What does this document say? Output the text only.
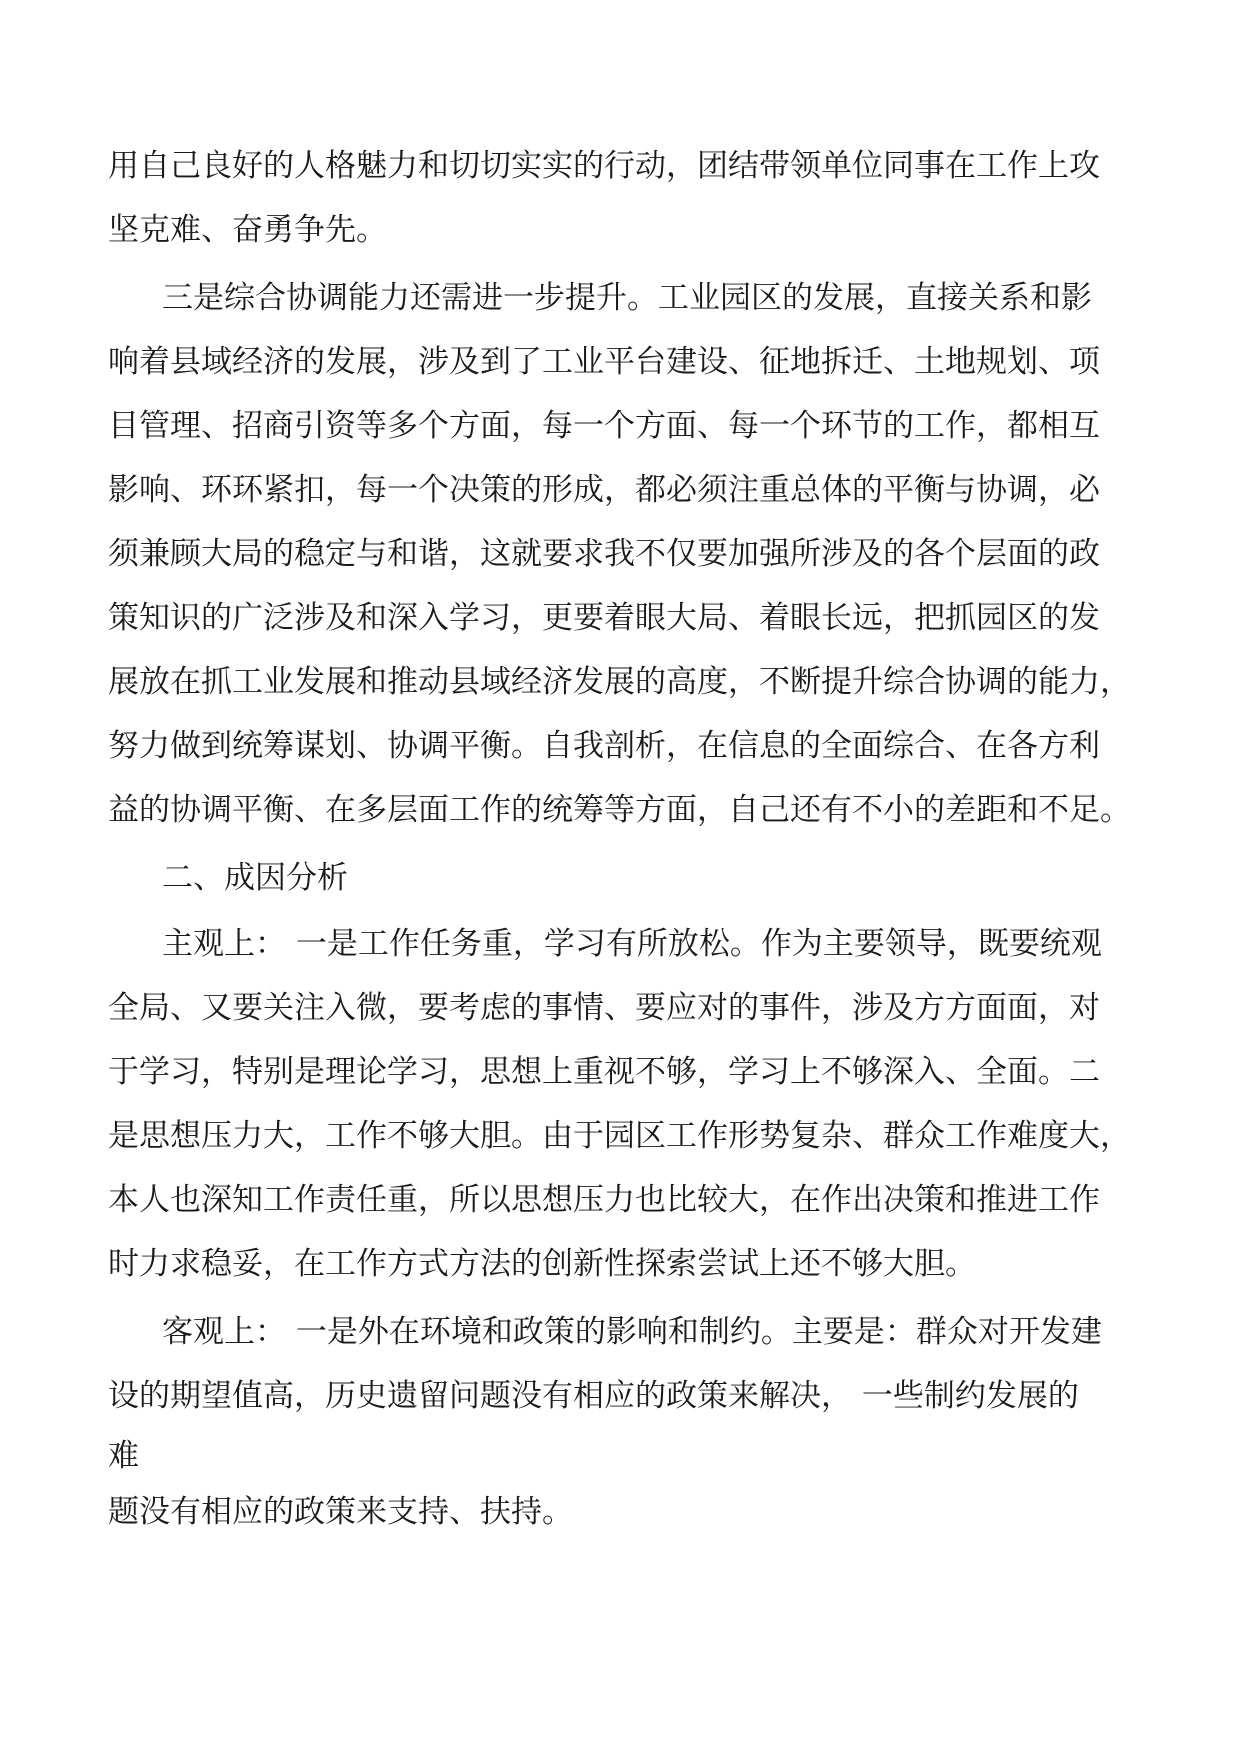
用自己良好的人格魅力和切切实实的行动，团结带领单位同事在工作上攻
坚克难、奋勇争先。
三是综合协调能力还需进一步提升。工业园区的发展，直接关系和影
响着县域经济的发展，涉及到了工业平台建设、征地拆迁、土地规划、项
目管理、招商引资等多个方面，每一个方面、每一个环节的工作，都相互
影响、环环紧扣，每一个决策的形成，都必须注重总体的平衡与协调，必
须兼顾大局的稳定与和谐，这就要求我不仅要加强所涉及的各个层面的政
策知识的广泛涉及和深入学习，更要着眼大局、着眼长远，把抓园区的发
展放在抓工业发展和推动县域经济发展的高度，不断提升综合协调的能力，
努力做到统筹谋划、协调平衡。自我剖析，在信息的全面综合、在各方利
益的协调平衡、在多层面工作的统筹等方面，自己还有不小的差距和不足。
二、成因分析
主观上： 一是工作任务重，学习有所放松。作为主要领导，既要统观
全局、又要关注入微，要考虑的事情、要应对的事件，涉及方方面面，对
于学习，特别是理论学习，思想上重视不够，学习上不够深入、全面。二
是思想压力大，工作不够大胆。由于园区工作形势复杂、群众工作难度大，
本人也深知工作责任重，所以思想压力也比较大，在作出决策和推进工作
时力求稳妥，在工作方式方法的创新性探索尝试上还不够大胆。
客观上： 一是外在环境和政策的影响和制约。主要是：群众对开发建
设的期望值高，历史遗留问题没有相应的政策来解决， 一些制约发展的
难
题没有相应的政策来支持、扶持。
